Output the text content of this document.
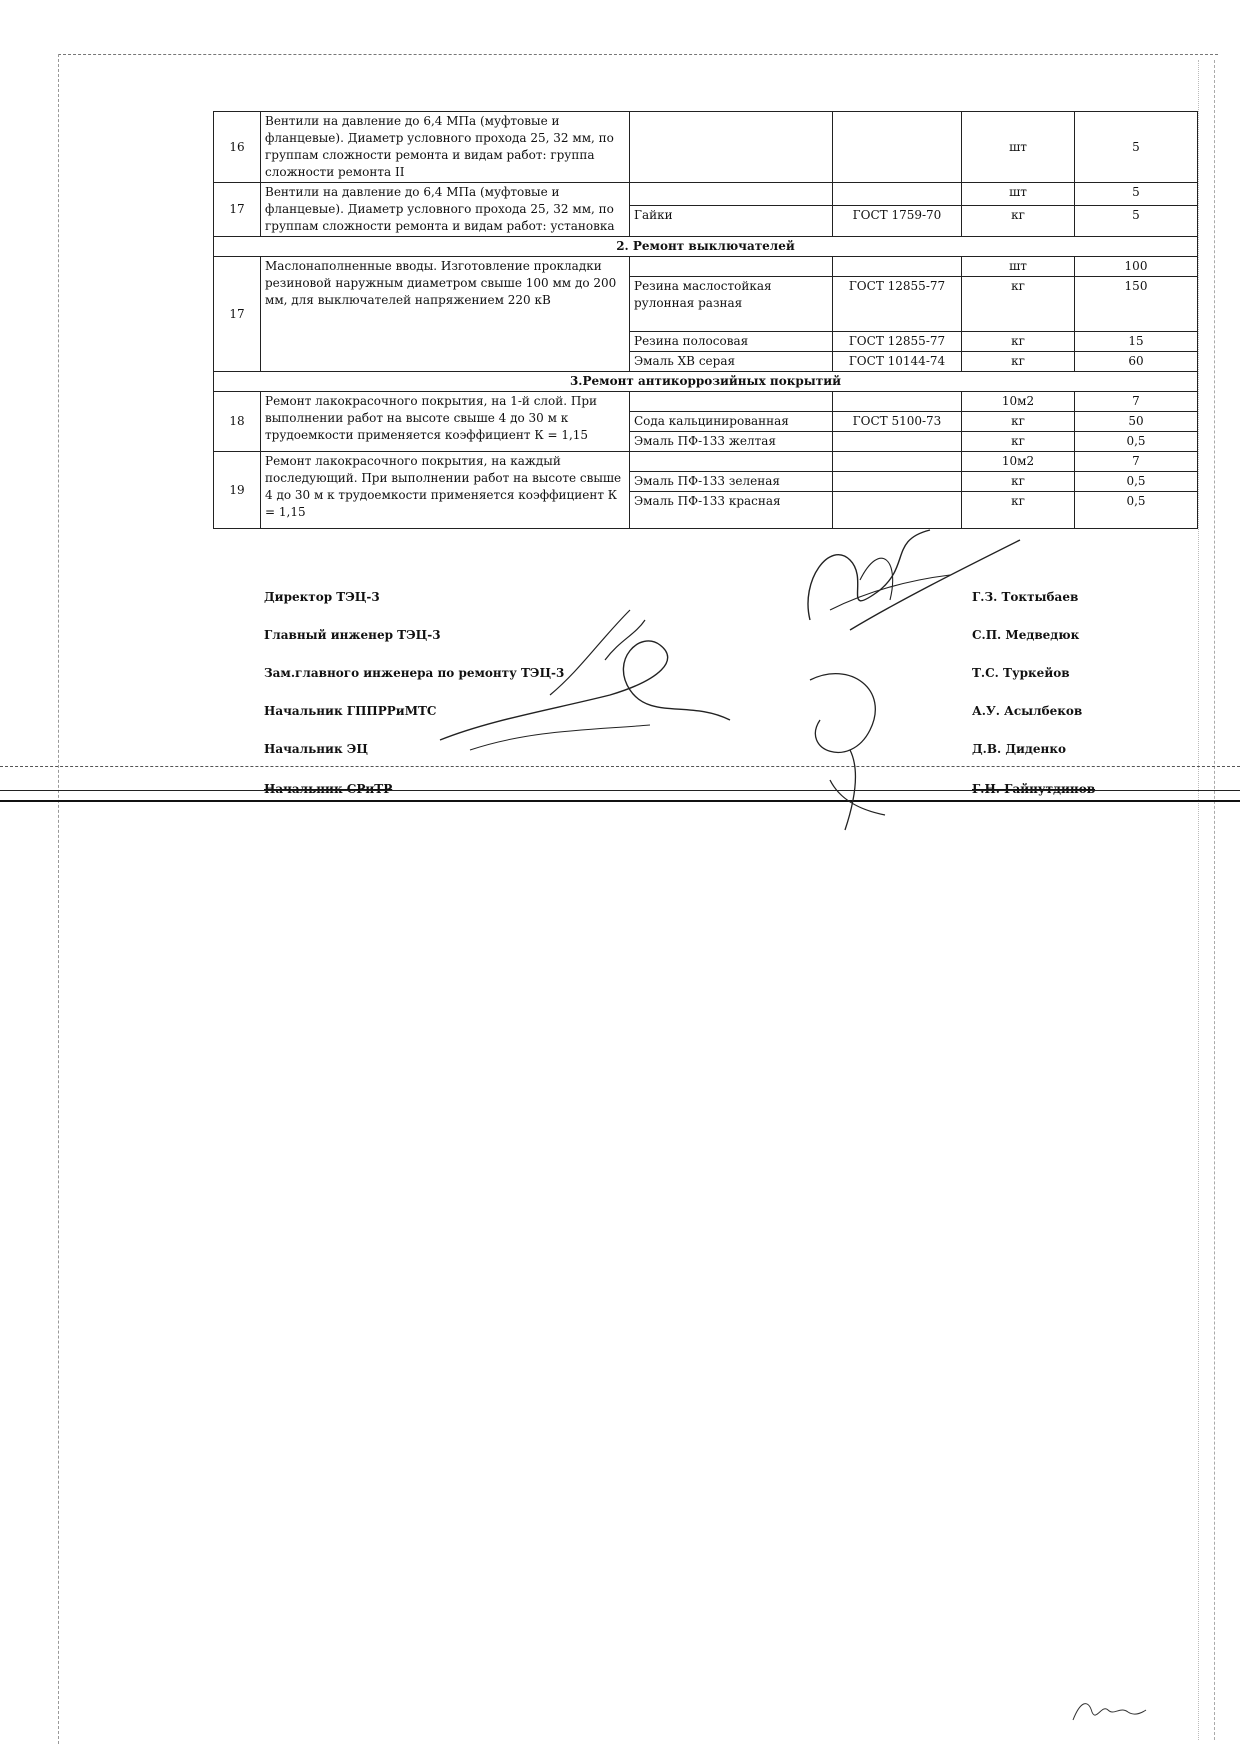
16	Вентили на давление до 6,4 МПа (муфтовые и фланцевые). Диаметр условного прохода 25, 32 мм, по группам сложности ремонта и видам работ: группа сложности ремонта II			шт	5
17	Вентили на давление до 6,4 МПа (муфтовые и фланцевые). Диаметр условного прохода 25, 32 мм, по группам сложности ремонта и видам работ: установка			шт	5
		Гайки	ГОСТ 1759-70	кг	5
2. Ремонт выключателей					
17	Маслонаполненные вводы. Изготовление прокладки резиновой наружным диаметром свыше 100 мм до 200 мм, для выключателей напряжением 220 кВ			шт	100
		Резина маслостойкая рулонная разная	ГОСТ 12855-77	кг	150
		Резина полосовая	ГОСТ 12855-77	кг	15
		Эмаль ХВ серая	ГОСТ 10144-74	кг	60
3.Ремонт антикоррозийных покрытий					
18	Ремонт лакокрасочного покрытия, на 1-й слой. При выполнении работ на высоте свыше 4 до 30 м к трудоемкости применяется коэффициент К = 1,15			10м2	7
		Сода кальцинированная	ГОСТ 5100-73	кг	50
		Эмаль ПФ-133 желтая		кг	0,5
19	Ремонт лакокрасочного покрытия, на каждый последующий. При выполнении работ на высоте свыше 4 до 30 м к трудоемкости применяется коэффициент К = 1,15			10м2	7
		Эмаль ПФ-133 зеленая		кг	0,5
		Эмаль ПФ-133 красная		кг	0,5
Директор ТЭЦ-3	Г.З. Токтыбаев
Главный инженер ТЭЦ-3	С.П. Медведюк
Зам.главного инженера по ремонту ТЭЦ-3	Т.С. Туркейов
Начальник ГППРРиМТС	А.У. Асылбеков
Начальник ЭЦ	Д.В. Диденко
Начальник СРиТР	Г.Н. Гайнутдинов
